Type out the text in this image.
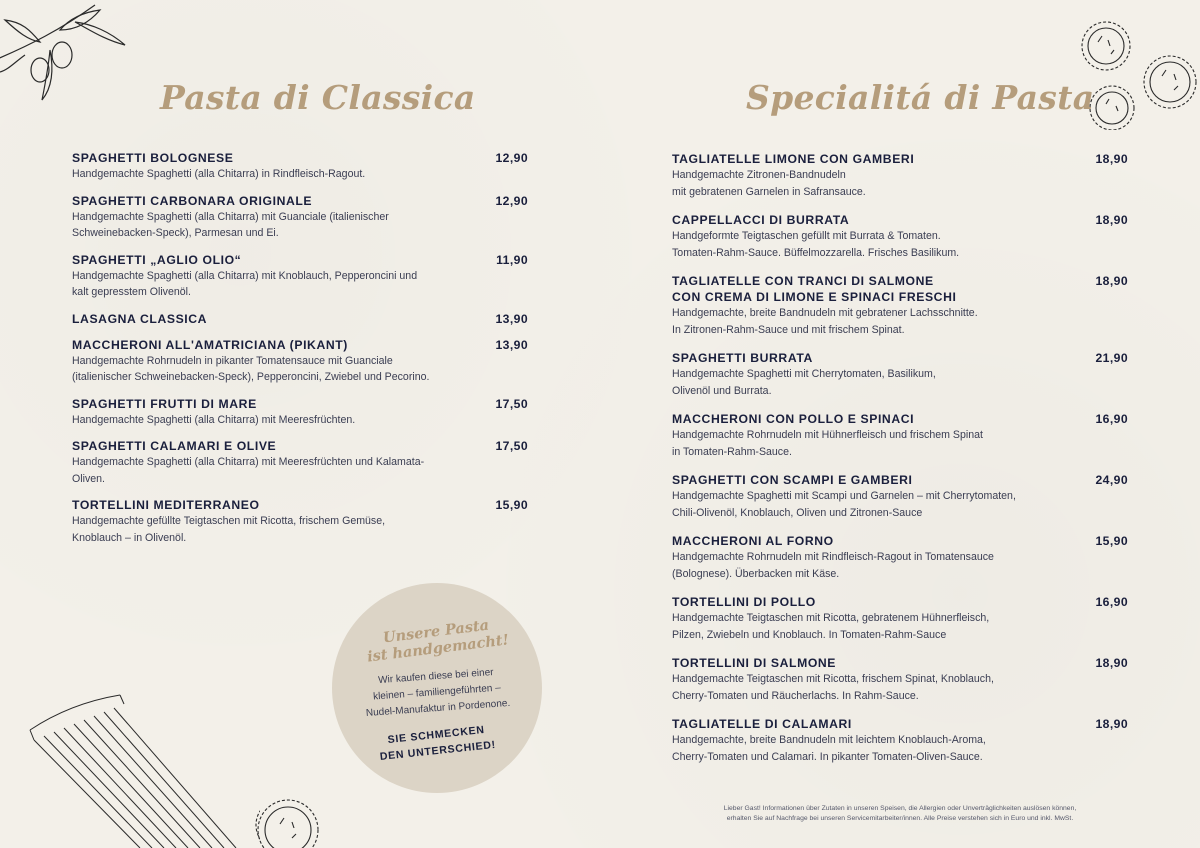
Pasta di Classica	Specialitá di Pasta
SPAGHETTI BOLOGNESE	12,90
Handgemachte Spaghetti (alla Chitarra) in Rindfleisch-Ragout.
SPAGHETTI CARBONARA ORIGINALE	12,90
Handgemachte Spaghetti (alla Chitarra) mit Guanciale (italienischer
Schweinebacken-Speck), Parmesan und Ei.
SPAGHETTI „AGLIO OLIO“	11,90
Handgemachte Spaghetti (alla Chitarra) mit Knoblauch, Pepperoncini und
kalt gepresstem Olivenöl.
LASAGNA CLASSICA	13,90
MACCHERONI ALL'AMATRICIANA (PIKANT)	13,90
Handgemachte Rohrnudeln in pikanter Tomatensauce mit Guanciale
(italienischer Schweinebacken-Speck), Pepperoncini, Zwiebel und Pecorino.
SPAGHETTI FRUTTI DI MARE	17,50
Handgemachte Spaghetti (alla Chitarra) mit Meeresfrüchten.
SPAGHETTI CALAMARI E OLIVE	17,50
Handgemachte Spaghetti (alla Chitarra) mit Meeresfrüchten und Kalamata-
Oliven.
TORTELLINI MEDITERRANEO	15,90
Handgemachte gefüllte Teigtaschen mit Ricotta, frischem Gemüse,
Knoblauch – in Olivenöl.
TAGLIATELLE LIMONE CON GAMBERI	18,90
Handgemachte Zitronen-Bandnudeln
mit gebratenen Garnelen in Safransauce.
CAPPELLACCI DI BURRATA	18,90
Handgeformte Teigtaschen gefüllt mit Burrata & Tomaten.
Tomaten-Rahm-Sauce. Büffelmozzarella. Frisches Basilikum.
TAGLIATELLE CON TRANCI DI SALMONE
CON CREMA DI LIMONE E SPINACI FRESCHI
18,90
Handgemachte, breite Bandnudeln mit gebratener Lachsschnitte.
In Zitronen-Rahm-Sauce und mit frischem Spinat.
SPAGHETTI BURRATA	21,90
Handgemachte Spaghetti mit Cherrytomaten, Basilikum,
Olivenöl und Burrata.
MACCHERONI CON POLLO E SPINACI	16,90
Handgemachte Rohrnudeln mit Hühnerfleisch und frischem Spinat
in Tomaten-Rahm-Sauce.
SPAGHETTI CON SCAMPI E GAMBERI	24,90
Handgemachte Spaghetti mit Scampi und Garnelen – mit Cherrytomaten,
Chili-Olivenöl, Knoblauch, Oliven und Zitronen-Sauce
MACCHERONI AL FORNO	15,90
Handgemachte Rohrnudeln mit Rindfleisch-Ragout in Tomatensauce
(Bolognese). Überbacken mit Käse.
TORTELLINI DI POLLO	16,90
Handgemachte Teigtaschen mit Ricotta, gebratenem Hühnerfleisch,
Pilzen, Zwiebeln und Knoblauch. In Tomaten-Rahm-Sauce
TORTELLINI DI SALMONE	18,90
Handgemachte Teigtaschen mit Ricotta, frischem Spinat, Knoblauch,
Cherry-Tomaten und Räucherlachs. In Rahm-Sauce.
TAGLIATELLE DI CALAMARI	18,90
Handgemachte, breite Bandnudeln mit leichtem Knoblauch-Aroma,
Cherry-Tomaten und Calamari. In pikanter Tomaten-Oliven-Sauce.

Unsere Pasta
ist handgemacht!

Wir kaufen diese bei einer
kleinen – familiengeführten –
Nudel-Manufaktur in Pordenone.
SIE SCHMECKEN
DEN UNTERSCHIED!
Lieber Gast! Informationen über Zutaten in unseren Speisen, die Allergien oder Unverträglichkeiten auslösen können,
erhalten Sie auf Nachfrage bei unseren Servicemitarbeiter/innen. Alle Preise verstehen sich in Euro und inkl. MwSt.
